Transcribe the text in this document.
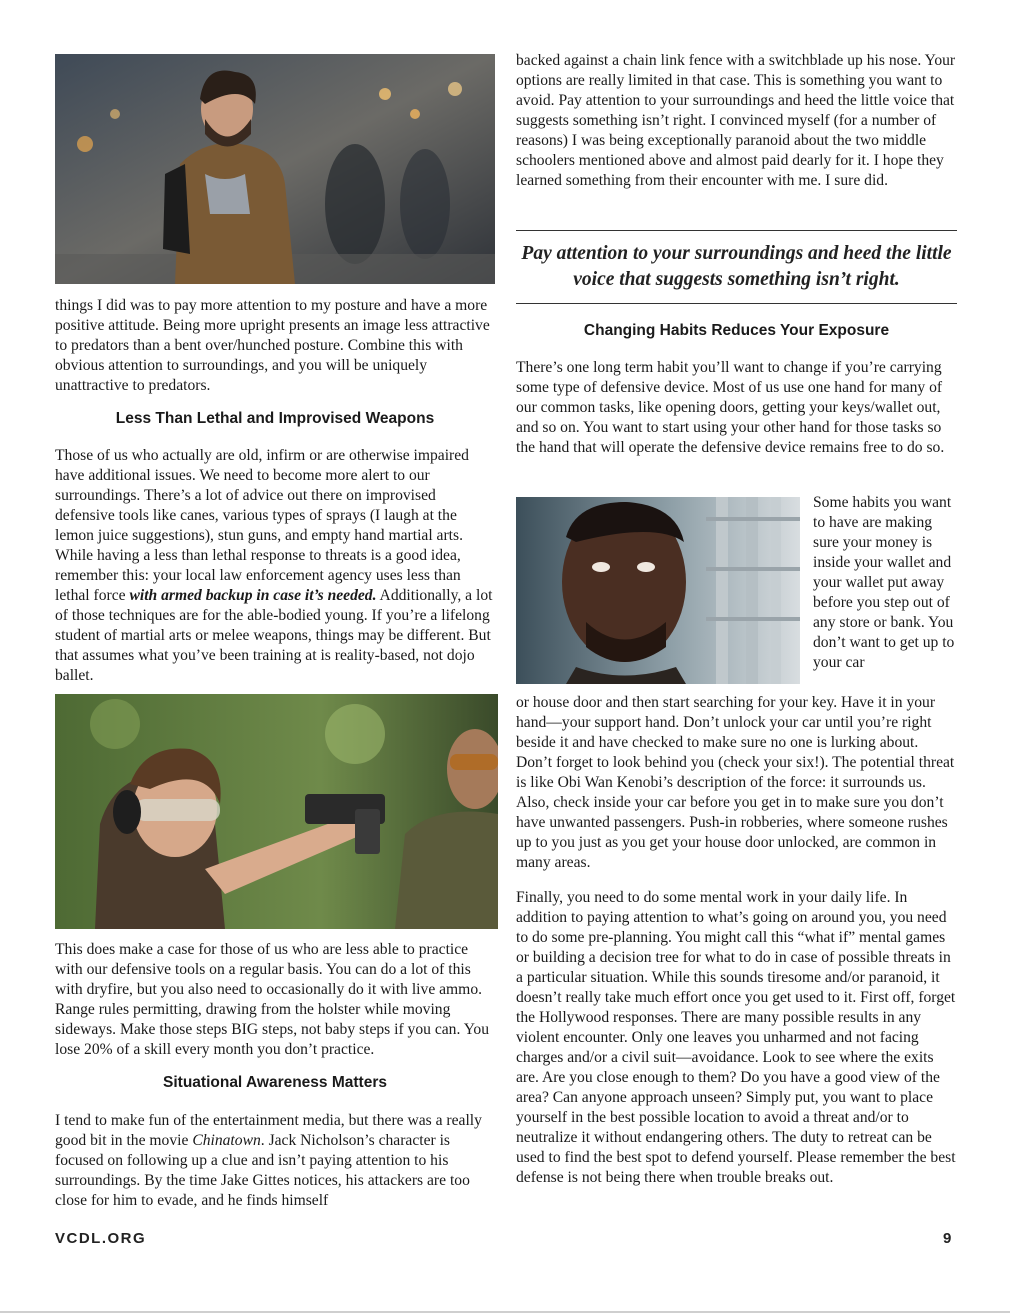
things I did was to pay more attention to my posture and have a more positive attitude. Being more upright presents an image less attractive to predators than a bent over/hunched posture. Combine this with obvious attention to surroundings, and you will be uniquely unattractive to predators.

Less Than Lethal and Improvised Weapons

Those of us who actually are old, infirm or are otherwise impaired have additional issues. We need to become more alert to our surroundings. There’s a lot of advice out there on improvised defensive tools like canes, various types of sprays (I laugh at the lemon juice suggestions), stun guns, and empty hand martial arts. While having a less than lethal response to threats is a good idea, remember this: your local law enforcement agency uses less than lethal force with armed backup in case it’s needed. Additionally, a lot of those techniques are for the able-bodied young. If you’re a lifelong student of martial arts or melee weapons, things may be different. But that assumes what you’ve been training at is reality-based, not dojo ballet.

This does make a case for those of us who are less able to practice with our defensive tools on a regular basis. You can do a lot of this with dryfire, but you also need to occasionally do it with live ammo. Range rules permitting, drawing from the holster while moving sideways. Make those steps BIG steps, not baby steps if you can. You lose 20% of a skill every month you don’t practice.

Situational Awareness Matters

I tend to make fun of the entertainment media, but there was a really good bit in the movie Chinatown. Jack Nicholson’s character is focused on following up a clue and isn’t paying attention to his surroundings. By the time Jake Gittes notices, his attackers are too close for him to evade, and he finds himself

backed against a chain link fence with a switchblade up his nose. Your options are really limited in that case. This is something you want to avoid. Pay attention to your surroundings and heed the little voice that suggests something isn’t right. I convinced myself (for a number of reasons) I was being exceptionally paranoid about the two middle schoolers mentioned above and almost paid dearly for it. I hope they learned something from their encounter with me. I sure did.

Pay attention to your surroundings and heed the little voice that suggests something isn’t right.

Changing Habits Reduces Your Exposure

There’s one long term habit you’ll want to change if you’re carrying some type of defensive device. Most of us use one hand for many of our common tasks, like opening doors, getting your keys/wallet out, and so on. You want to start using your other hand for those tasks so the hand that will operate the defensive device remains free to do so.

Some habits you want to have are making sure your money is inside your wallet and your wallet put away before you step out of any store or bank. You don’t want to get up to your car

or house door and then start searching for your key. Have it in your hand—your support hand. Don’t unlock your car until you’re right beside it and have checked to make sure no one is lurking about. Don’t forget to look behind you (check your six!). The potential threat is like Obi Wan Kenobi’s description of the force: it surrounds us. Also, check inside your car before you get in to make sure you don’t have unwanted passengers. Push-in robberies, where someone rushes up to you just as you get your house door unlocked, are common in many areas.

Finally, you need to do some mental work in your daily life. In addition to paying attention to what’s going on around you, you need to do some pre-planning. You might call this “what if” mental games or building a decision tree for what to do in case of possible threats in a particular situation. While this sounds tiresome and/or paranoid, it doesn’t really take much effort once you get used to it. First off, forget the Hollywood responses. There are many possible results in any violent encounter. Only one leaves you unharmed and not facing charges and/or a civil suit—avoidance. Look to see where the exits are. Are you close enough to them? Do you have a good view of the area? Can anyone approach unseen? Simply put, you want to place yourself in the best possible location to avoid a threat and/or to neutralize it without endangering others. The duty to retreat can be used to find the best spot to defend yourself. Please remember the best defense is not being there when trouble breaks out.

VCDL.ORG	9
